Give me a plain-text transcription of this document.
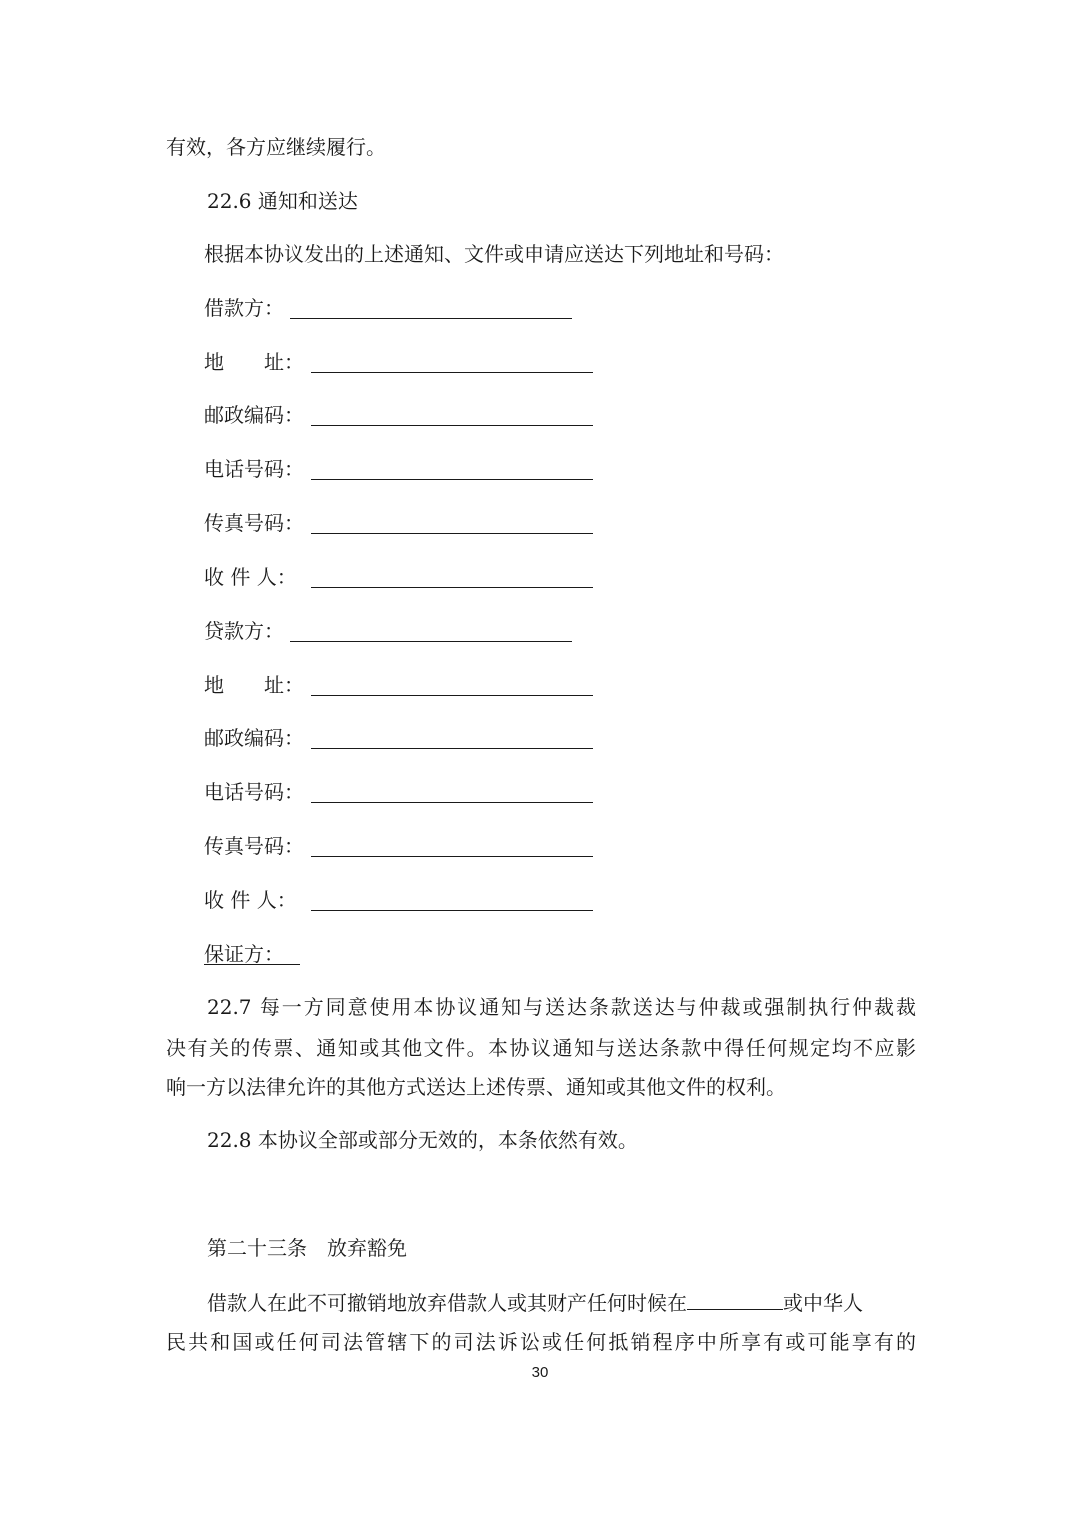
有效，各方应继续履行。
22.6 通知和送达
根据本协议发出的上述通知、文件或申请应送达下列地址和号码：
借款方：
地　　址：
邮政编码：
电话号码：
传真号码：
收 件 人：
贷款方：
地　　址：
邮政编码：
电话号码：
传真号码：
收 件 人：
保证方：
22.7 每一方同意使用本协议通知与送达条款送达与仲裁或强制执行仲裁裁
决有关的传票、通知或其他文件。本协议通知与送达条款中得任何规定均不应影
响一方以法律允许的其他方式送达上述传票、通知或其他文件的权利。
22.8 本协议全部或部分无效的，本条依然有效。
第二十三条　放弃豁免
借款人在此不可撤销地放弃借款人或其财产任何时候在	或中华人
民共和国或任何司法管辖下的司法诉讼或任何抵销程序中所享有或可能享有的
30
